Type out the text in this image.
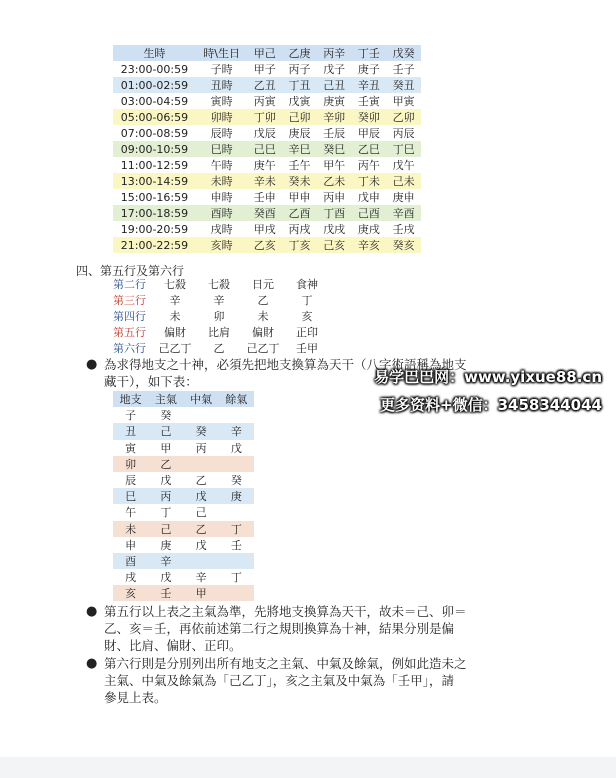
生時	時\生日	甲己	乙庚	丙辛	丁壬	戊癸
23:00-00:59	子時	甲子	丙子	戊子	庚子	壬子
01:00-02:59	丑時	乙丑	丁丑	己丑	辛丑	癸丑
03:00-04:59	寅時	丙寅	戊寅	庚寅	壬寅	甲寅
05:00-06:59	卯時	丁卯	己卯	辛卯	癸卯	乙卯
07:00-08:59	辰時	戊辰	庚辰	壬辰	甲辰	丙辰
09:00-10:59	巳時	己巳	辛巳	癸巳	乙巳	丁巳
11:00-12:59	午時	庚午	壬午	甲午	丙午	戊午
13:00-14:59	未時	辛未	癸未	乙未	丁未	己未
15:00-16:59	申時	壬申	甲申	丙申	戊申	庚申
17:00-18:59	酉時	癸酉	乙酉	丁酉	己酉	辛酉
19:00-20:59	戌時	甲戌	丙戌	戊戌	庚戌	壬戌
21:00-22:59	亥時	乙亥	丁亥	己亥	辛亥	癸亥
四、第五行及第六行
第二行	七殺	七殺	日元	食神
第三行	辛	辛	乙	丁
第四行	未	卯	未	亥
第五行	偏財	比肩	偏財	正印
第六行	己乙丁	乙	己乙丁	壬甲
● 為求得地支之十神，必須先把地支換算為天干（八字術語稱為地支
藏干），如下表：
地支	主氣	中氣	餘氣
子	癸		
丑	己	癸	辛
寅	甲	丙	戊
卯	乙		
辰	戊	乙	癸
巳	丙	戊	庚
午	丁	己	
未	己	乙	丁
申	庚	戊	壬
酉	辛		
戌	戊	辛	丁
亥	壬	甲	
● 第五行以上表之主氣為準，先將地支換算為天干，故未＝己、卯＝
乙、亥＝壬，再依前述第二行之規則換算為十神，結果分別是偏
財、比肩、偏財、正印。
● 第六行則是分別列出所有地支之主氣、中氣及餘氣，例如此造未之
主氣、中氣及餘氣為「己乙丁」，亥之主氣及中氣為「壬甲」，請
參見上表。
易学巴巴网：www.yixue88.cn
更多资料+微信：3458344044
